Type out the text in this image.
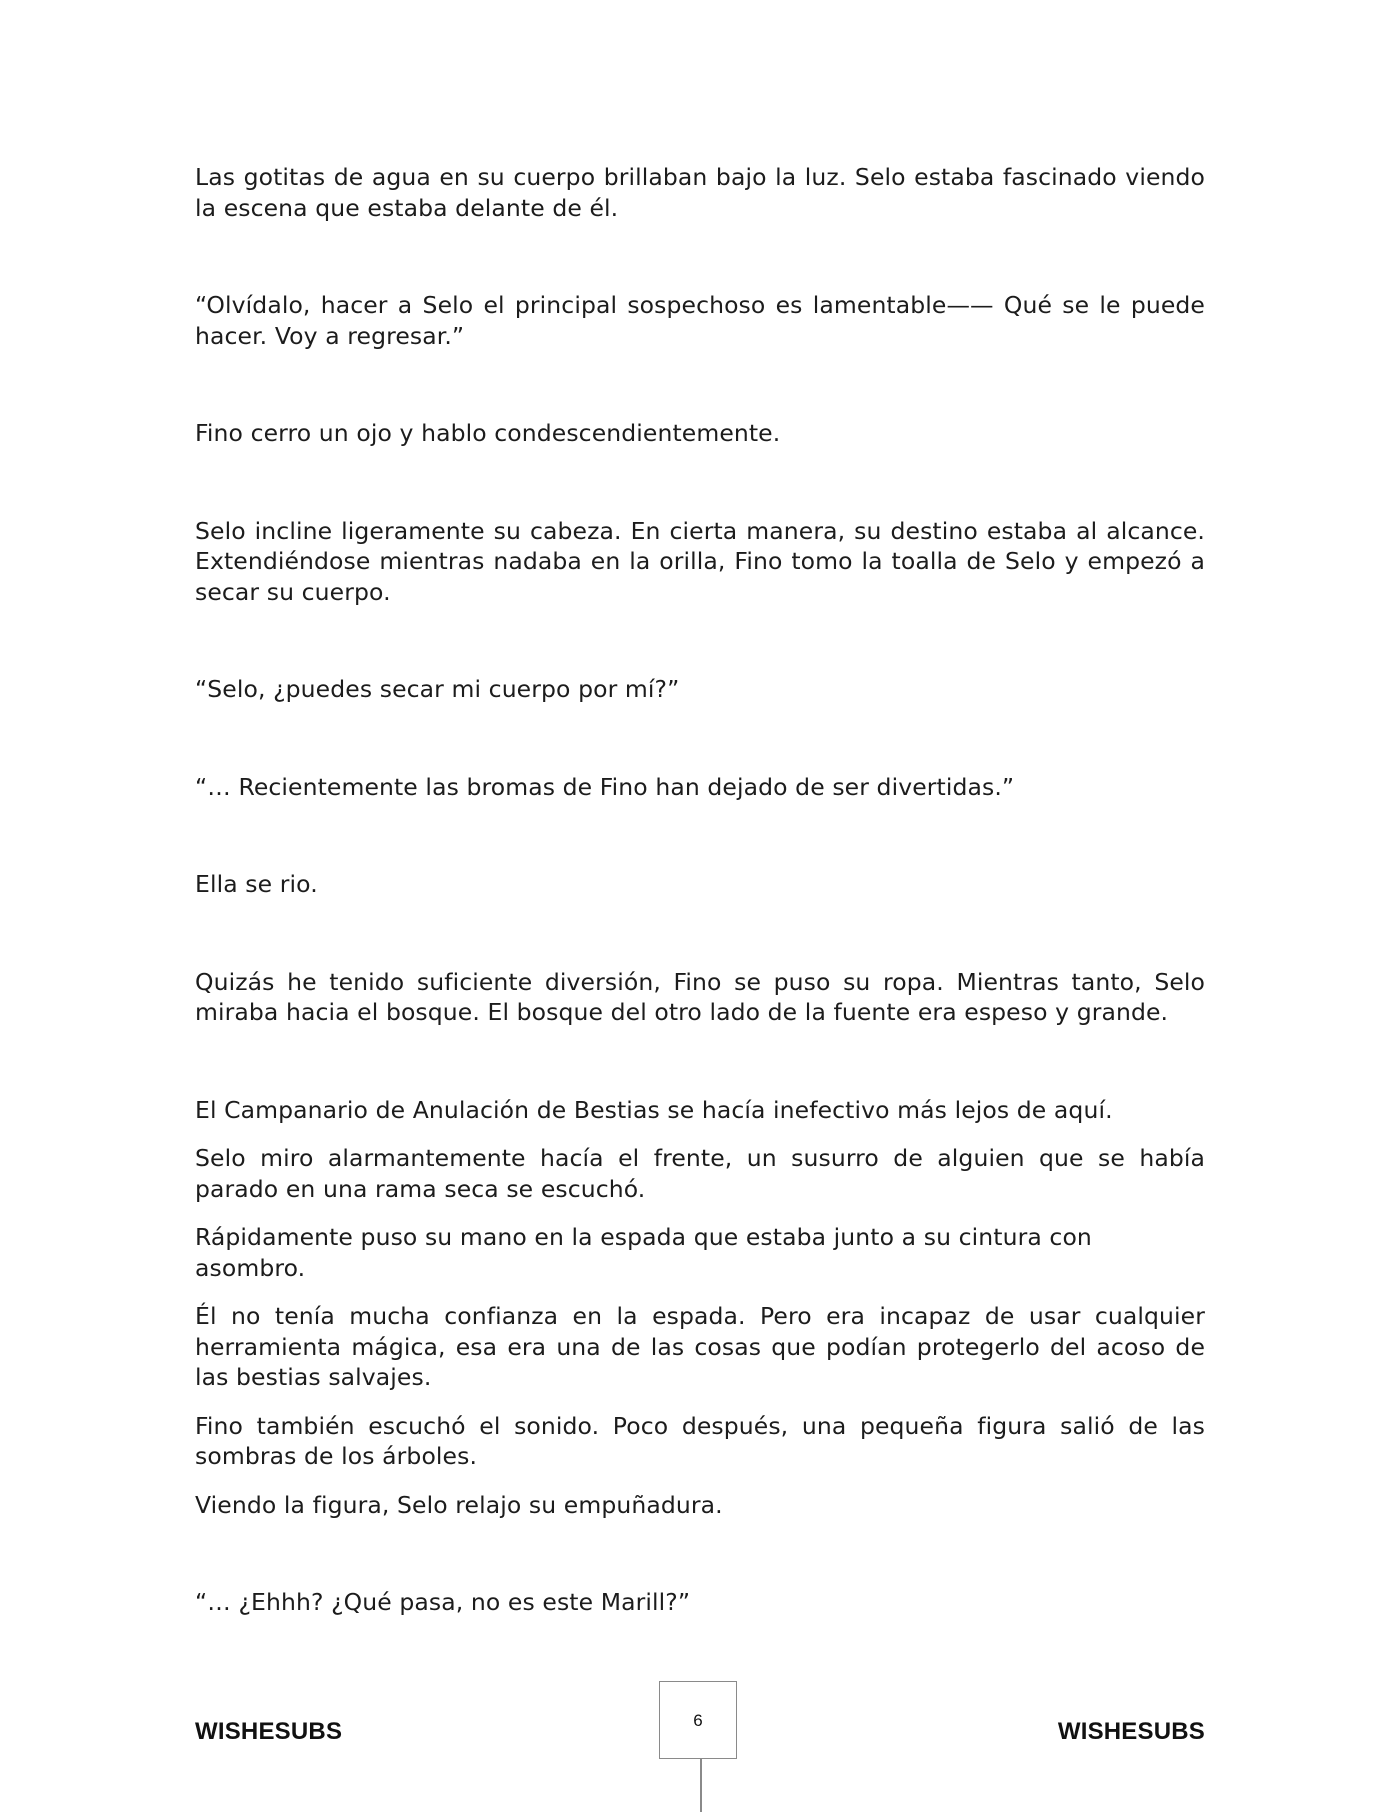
Las gotitas de agua en su cuerpo brillaban bajo la luz. Selo estaba fascinado viendo la escena que estaba delante de él.

“Olvídalo, hacer a Selo el principal sospechoso es lamentable—— Qué se le puede hacer. Voy a regresar.”

Fino cerro un ojo y hablo condescendientemente.

Selo incline ligeramente su cabeza. En cierta manera, su destino estaba al alcance. Extendiéndose mientras nadaba en la orilla, Fino tomo la toalla de Selo y empezó a secar su cuerpo.

“Selo, ¿puedes secar mi cuerpo por mí?”

“… Recientemente las bromas de Fino han dejado de ser divertidas.”

Ella se rio.

Quizás he tenido suficiente diversión, Fino se puso su ropa. Mientras tanto, Selo miraba hacia el bosque. El bosque del otro lado de la fuente era espeso y grande.

El Campanario de Anulación de Bestias se hacía inefectivo más lejos de aquí.

Selo miro alarmantemente hacía el frente, un susurro de alguien que se había parado en una rama seca se escuchó.

Rápidamente puso su mano en la espada que estaba junto a su cintura con asombro.

Él no tenía mucha confianza en la espada. Pero era incapaz de usar cualquier herramienta mágica, esa era una de las cosas que podían protegerlo del acoso de las bestias salvajes.

Fino también escuchó el sonido. Poco después, una pequeña figura salió de las sombras de los árboles.

Viendo la figura, Selo relajo su empuñadura.

“… ¿Ehhh? ¿Qué pasa, no es este Marill?”

WISHESUBS	6	WISHESUBS
